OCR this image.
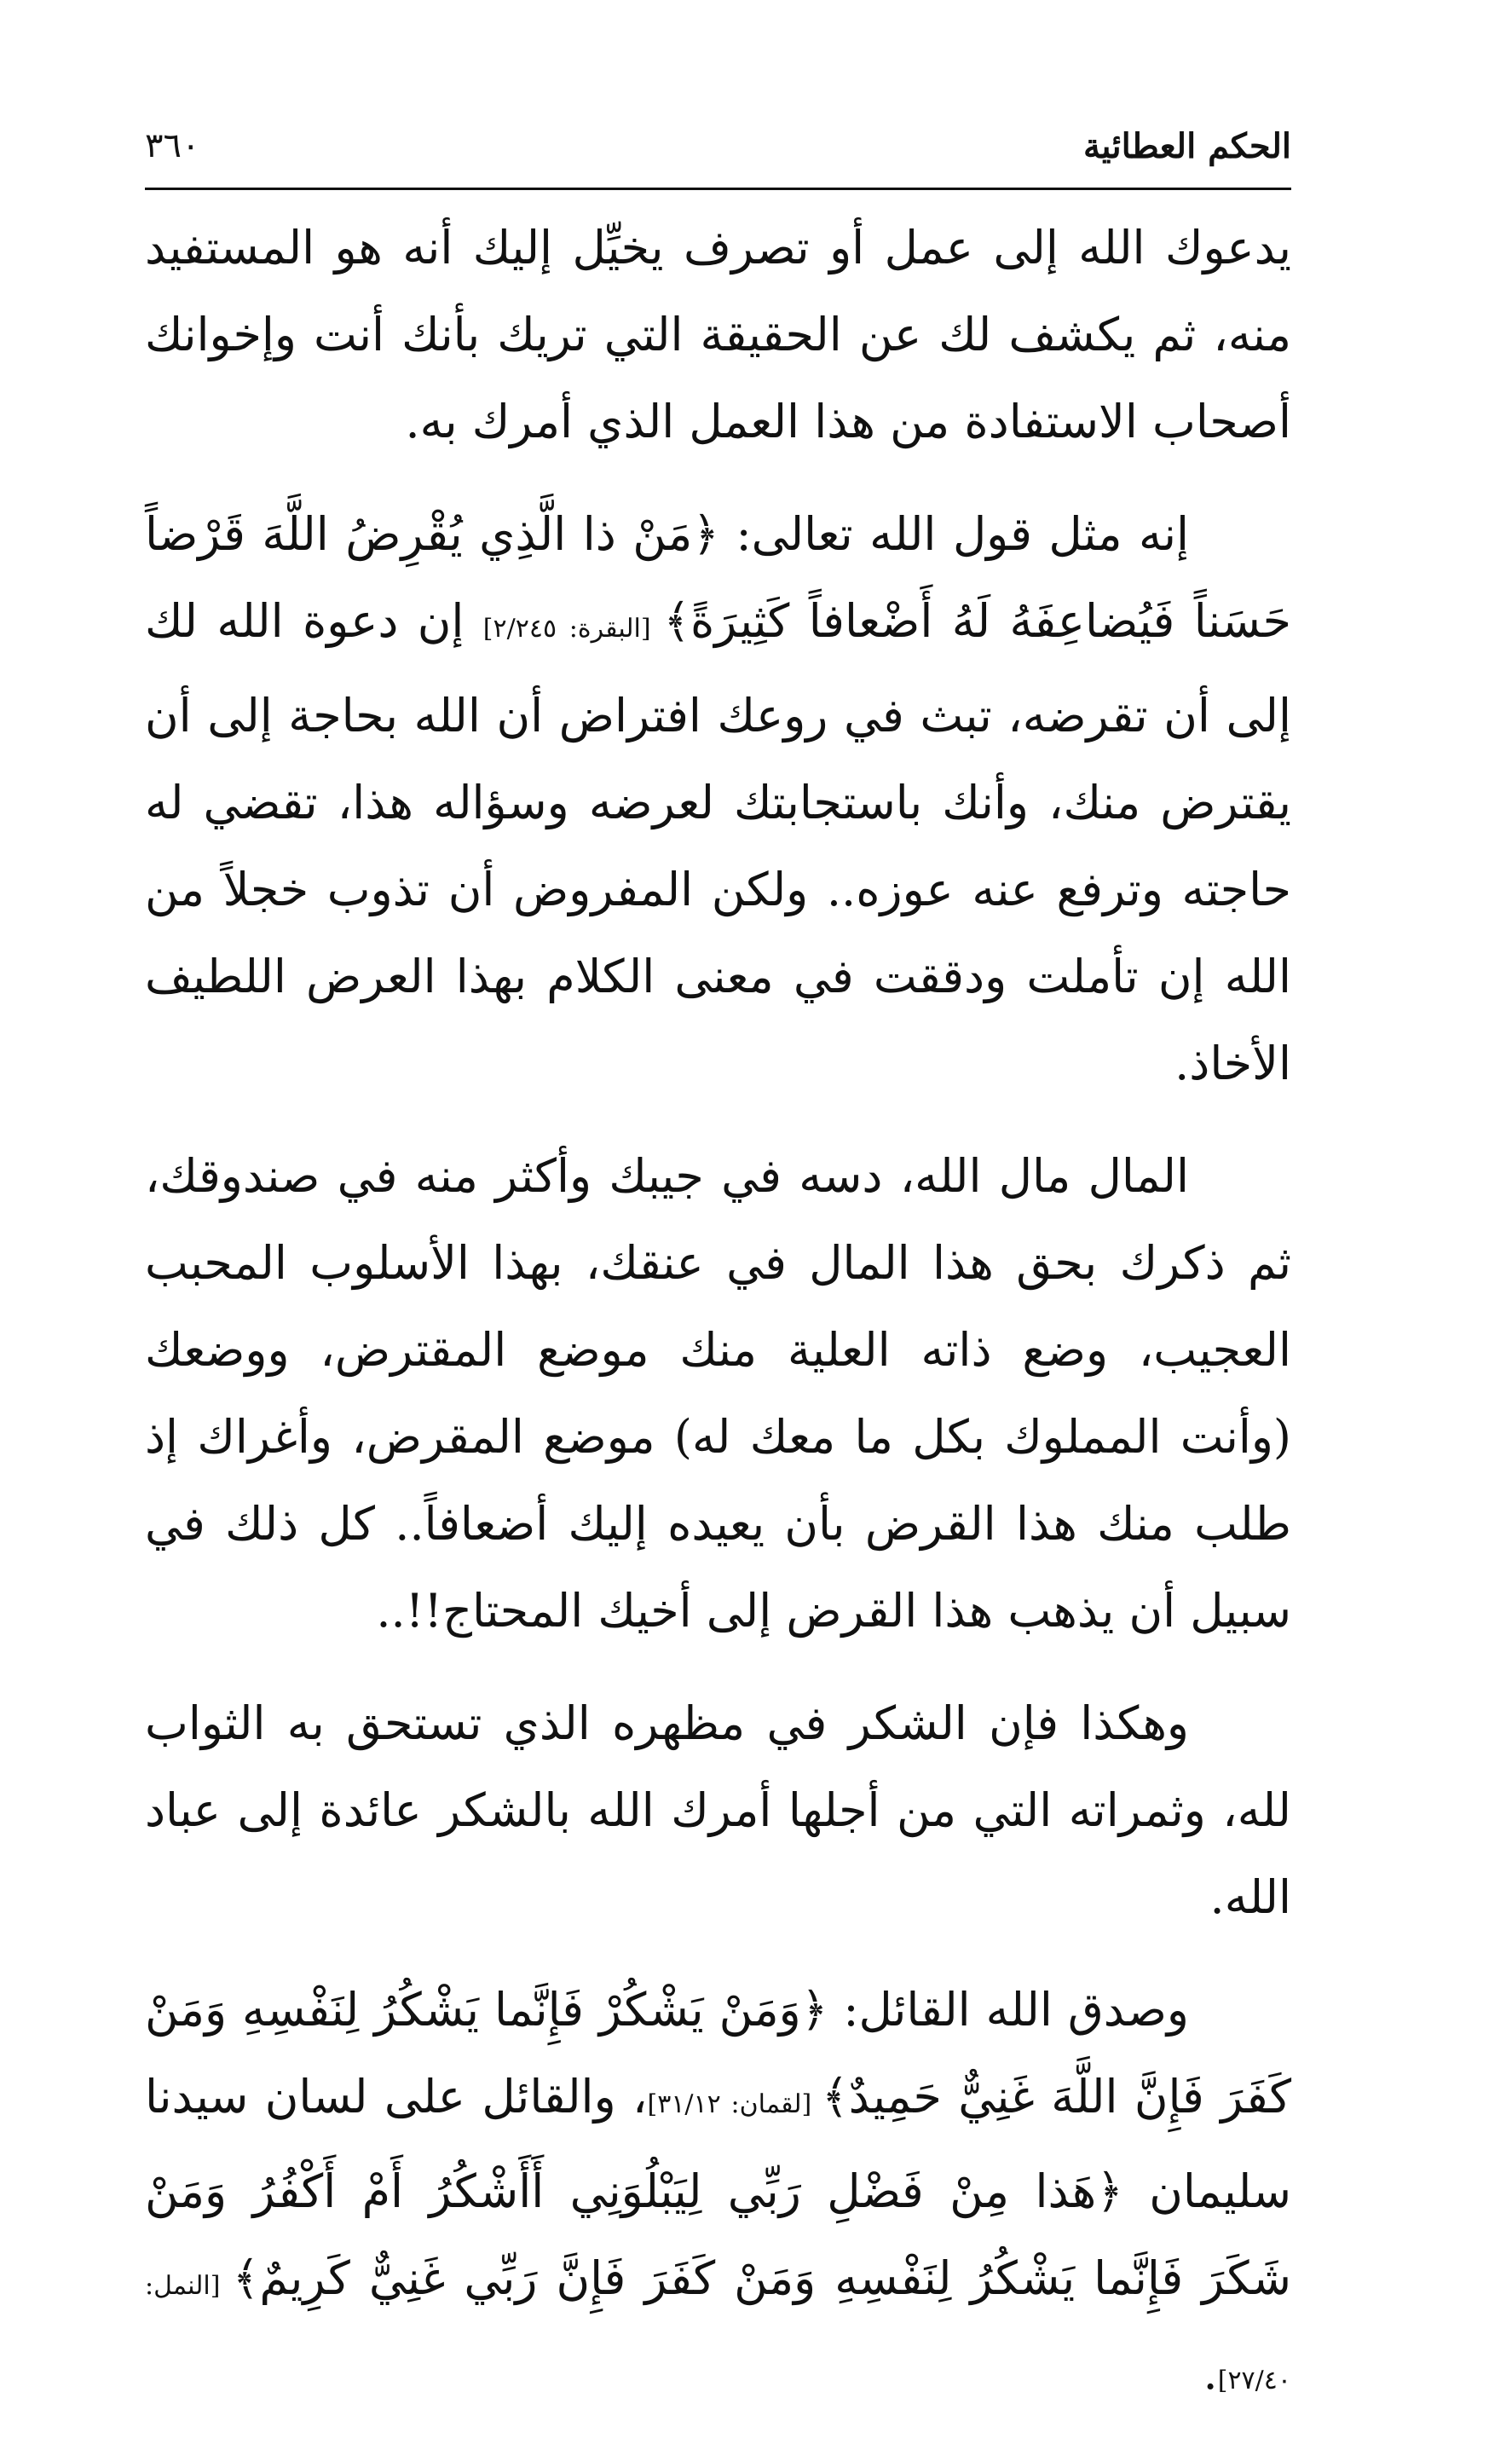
الحكم العطائية
٣٦٠

يدعوك الله إلى عمل أو تصرف يخيِّل إليك أنه هو المستفيد منه، ثم يكشف لك عن الحقيقة التي تريك بأنك أنت وإخوانك أصحاب الاستفادة من هذا العمل الذي أمرك به.

إنه مثل قول الله تعالى: ﴿مَنْ ذا الَّذِي يُقْرِضُ اللَّهَ قَرْضاً حَسَناً فَيُضاعِفَهُ لَهُ أَضْعافاً كَثِيرَةً﴾ [البقرة: ٢/٢٤٥] إن دعوة الله لك إلى أن تقرضه، تبث في روعك افتراض أن الله بحاجة إلى أن يقترض منك، وأنك باستجابتك لعرضه وسؤاله هذا، تقضي له حاجته وترفع عنه عوزه.. ولكن المفروض أن تذوب خجلاً من الله إن تأملت ودققت في معنى الكلام بهذا العرض اللطيف الأخاذ.

المال مال الله، دسه في جيبك وأكثر منه في صندوقك، ثم ذكرك بحق هذا المال في عنقك، بهذا الأسلوب المحبب العجيب، وضع ذاته العلية منك موضع المقترض، ووضعك (وأنت المملوك بكل ما معك له) موضع المقرض، وأغراك إذ طلب منك هذا القرض بأن يعيده إليك أضعافاً.. كل ذلك في سبيل أن يذهب هذا القرض إلى أخيك المحتاج!!..

وهكذا فإن الشكر في مظهره الذي تستحق به الثواب لله، وثمراته التي من أجلها أمرك الله بالشكر عائدة إلى عباد الله.

وصدق الله القائل: ﴿وَمَنْ يَشْكُرْ فَإِنَّما يَشْكُرُ لِنَفْسِهِ وَمَنْ كَفَرَ فَإِنَّ اللَّهَ غَنِيٌّ حَمِيدٌ﴾ [لقمان: ٣١/١٢]، والقائل على لسان سيدنا سليمان ﴿هَذا مِنْ فَضْلِ رَبِّي لِيَبْلُوَنِي أَأَشْكُرُ أَمْ أَكْفُرُ وَمَنْ شَكَرَ فَإِنَّما يَشْكُرُ لِنَفْسِهِ وَمَنْ كَفَرَ فَإِنَّ رَبِّي غَنِيٌّ كَرِيمٌ﴾ [النمل: ٢٧/٤٠].
